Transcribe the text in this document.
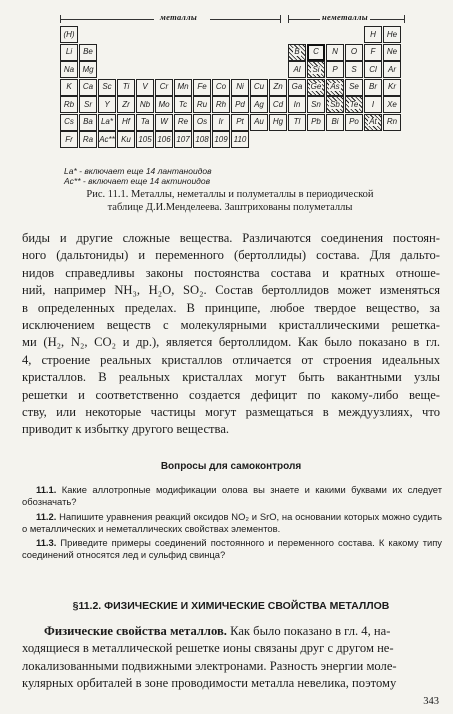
металлы	неметаллы
(H)	H He
Li Be	B C N O F Ne
Na Mg	Al Si P S Cl Ar
K Ca Sc Ti V Cr Mn Fe Co Ni Cu Zn Ga Ge As Se Br Kr
Rb Sr Y Zr Nb Mo Tc Ru Rh Pd Ag Cd In Sn Sb Te I Xe
Cs Ba La* Hf Ta W Re Os Ir Pt Au Hg Tl Pb Bi Po At Rn
Fr Ra Ac** Ku 105 106 107 108 109 110
La* - включает еще 14 лантаноидов
Ac** - включает еще 14 актиноидов
Рис. 11.1. Металлы, неметаллы и полуметаллы в периодической
таблице Д.И.Менделеева. Заштрихованы полуметаллы

биды и другие сложные вещества. Различаются соединения постоян-

ного (дальтониды) и переменного (бертоллиды) состава. Для дальто-

нидов справедливы законы постоянства состава и кратных отноше-

ний, например NH₃, H₂O, SO₂. Состав бертоллидов может изменяться

в определенных пределах. В принципе, любое твердое вещество, за

исключением веществ с молекулярными кристаллическими решетка-

ми (H₂, N₂, CO₂ и др.), является бертоллидом. Как было показано в гл.

4, строение реальных кристаллов отличается от строения идеальных

кристаллов. В реальных кристаллах могут быть вакантными узлы

решетки и соответственно создается дефицит по какому-либо веще-

ству, или некоторые частицы могут размещаться в междуузлиях, что

приводит к избытку другого вещества.

Вопросы для самоконтроля

11.1. Какие аллотропные модификации олова вы знаете и какими буквами их следует обозначать?

11.2. Напишите уравнения реакций оксидов NO₂ и SrO, на основании которых можно судить о металлических и неметаллических свойствах элементов.

11.3. Приведите примеры соединений постоянного и переменного состава. К какому типу соединений относятся лед и сульфид свинца?

§11.2. ФИЗИЧЕСКИЕ И ХИМИЧЕСКИЕ СВОЙСТВА МЕТАЛЛОВ

Физические свойства металлов. Как было показано в гл. 4, на-

ходящиеся в металлической решетке ионы связаны друг с другом не-

локализованными подвижными электронами. Разность энергии моле-

кулярных орбиталей в зоне проводимости металла невелика, поэтому

343
